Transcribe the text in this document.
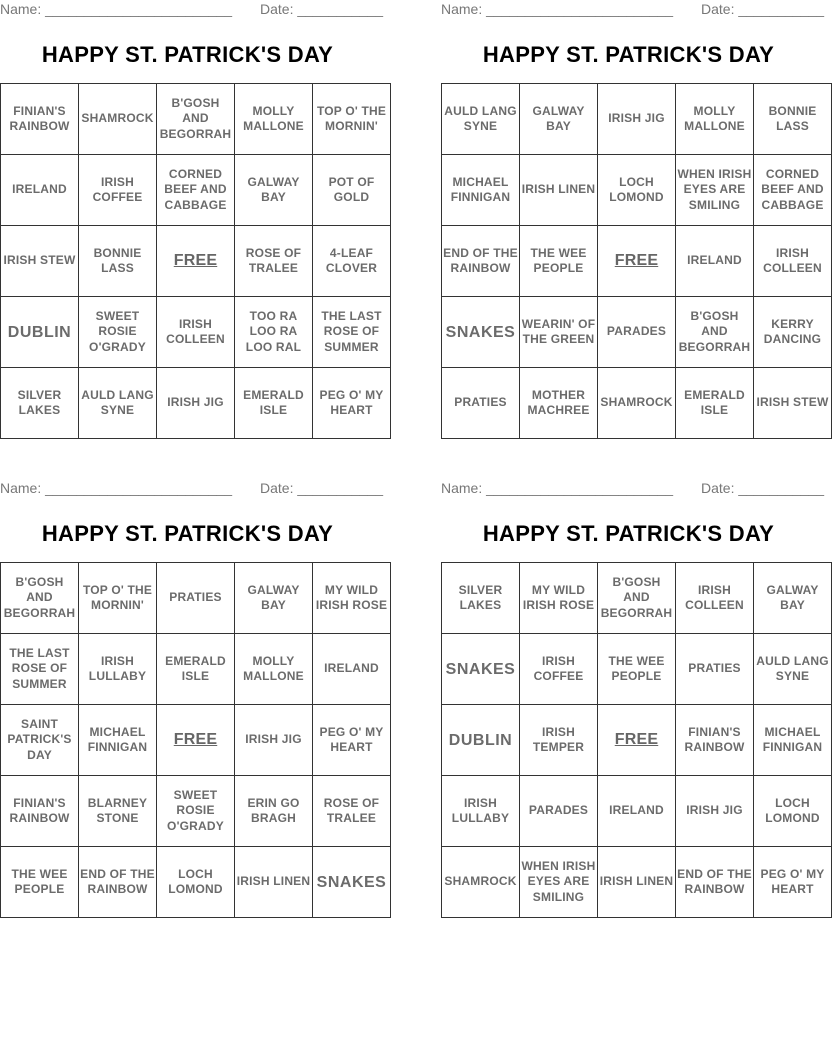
Name: ________________________ Date: ___________
HAPPY ST. PATRICK'S DAY
FINIAN'S RAINBOW	SHAMROCK	B'GOSH AND BEGORRAH	MOLLY MALLONE	TOP O' THE MORNIN'
IRELAND	IRISH COFFEE	CORNED BEEF AND CABBAGE	GALWAY BAY	POT OF GOLD
IRISH STEW	BONNIE LASS	FREE	ROSE OF TRALEE	4-LEAF CLOVER
DUBLIN	SWEET ROSIE O'GRADY	IRISH COLLEEN	TOO RA LOO RA LOO RAL	THE LAST ROSE OF SUMMER
SILVER LAKES	AULD LANG SYNE	IRISH JIG	EMERALD ISLE	PEG O' MY HEART
Name: ________________________ Date: ___________
HAPPY ST. PATRICK'S DAY
AULD LANG SYNE	GALWAY BAY	IRISH JIG	MOLLY MALLONE	BONNIE LASS
MICHAEL FINNIGAN	IRISH LINEN	LOCH LOMOND	WHEN IRISH EYES ARE SMILING	CORNED BEEF AND CABBAGE
END OF THE RAINBOW	THE WEE PEOPLE	FREE	IRELAND	IRISH COLLEEN
SNAKES	WEARIN' OF THE GREEN	PARADES	B'GOSH AND BEGORRAH	KERRY DANCING
PRATIES	MOTHER MACHREE	SHAMROCK	EMERALD ISLE	IRISH STEW
Name: ________________________ Date: ___________
HAPPY ST. PATRICK'S DAY
B'GOSH AND BEGORRAH	TOP O' THE MORNIN'	PRATIES	GALWAY BAY	MY WILD IRISH ROSE
THE LAST ROSE OF SUMMER	IRISH LULLABY	EMERALD ISLE	MOLLY MALLONE	IRELAND
SAINT PATRICK'S DAY	MICHAEL FINNIGAN	FREE	IRISH JIG	PEG O' MY HEART
FINIAN'S RAINBOW	BLARNEY STONE	SWEET ROSIE O'GRADY	ERIN GO BRAGH	ROSE OF TRALEE
THE WEE PEOPLE	END OF THE RAINBOW	LOCH LOMOND	IRISH LINEN	SNAKES
Name: ________________________ Date: ___________
HAPPY ST. PATRICK'S DAY
SILVER LAKES	MY WILD IRISH ROSE	B'GOSH AND BEGORRAH	IRISH COLLEEN	GALWAY BAY
SNAKES	IRISH COFFEE	THE WEE PEOPLE	PRATIES	AULD LANG SYNE
DUBLIN	IRISH TEMPER	FREE	FINIAN'S RAINBOW	MICHAEL FINNIGAN
IRISH LULLABY	PARADES	IRELAND	IRISH JIG	LOCH LOMOND
SHAMROCK	WHEN IRISH EYES ARE SMILING	IRISH LINEN	END OF THE RAINBOW	PEG O' MY HEART
